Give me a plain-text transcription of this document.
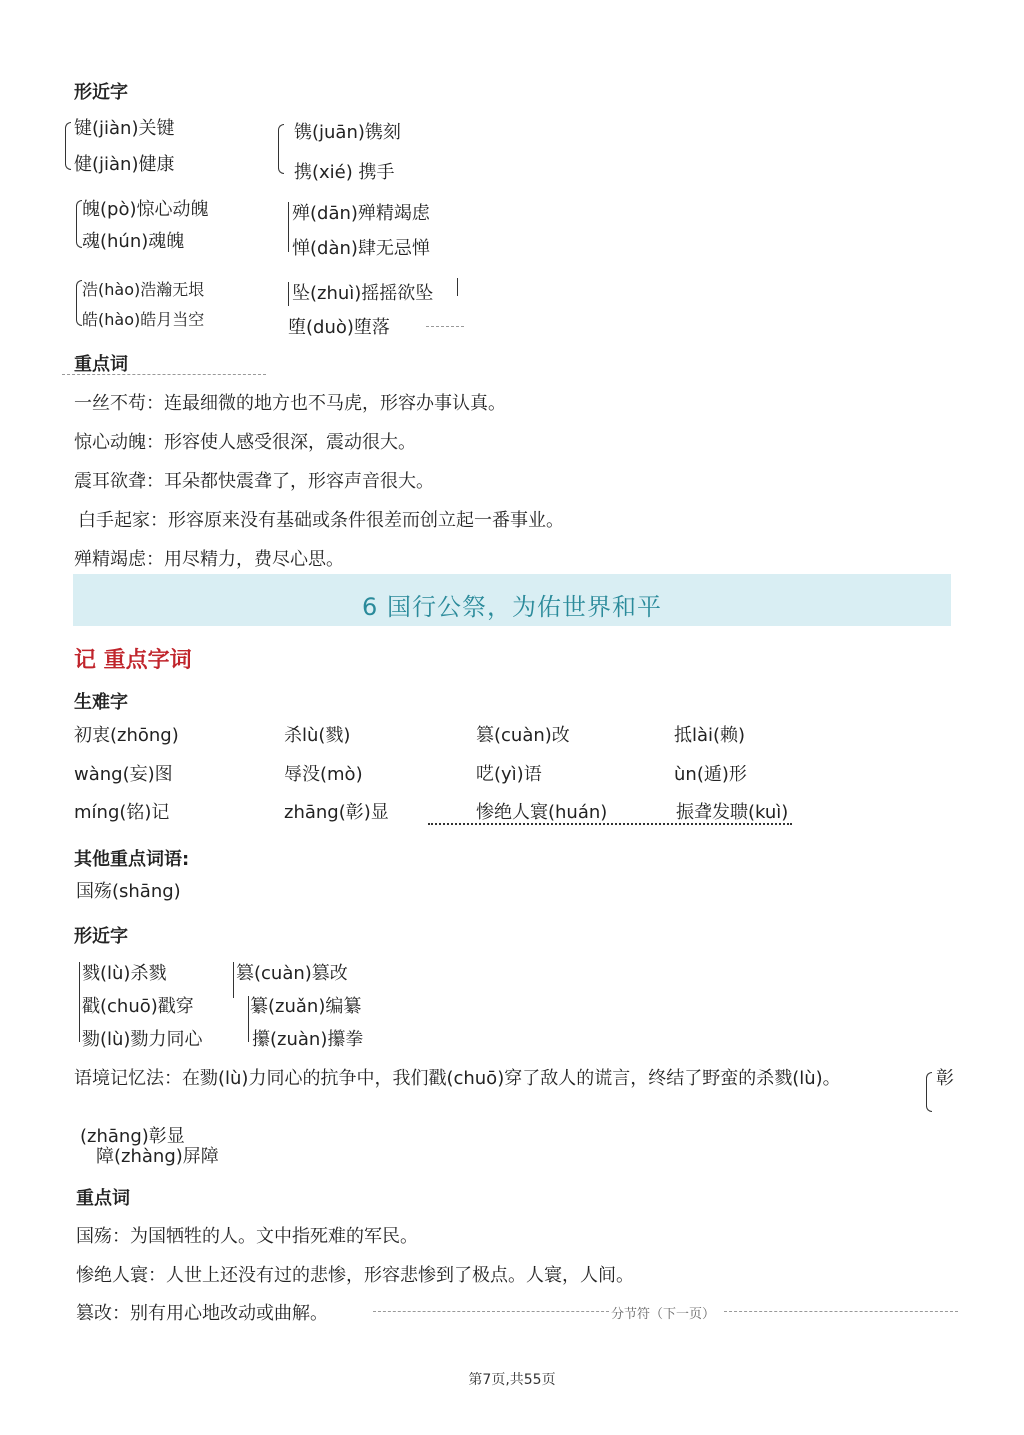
形近字
键(jiàn)关键
健(jiàn)健康
镌(juān)镌刻
携(xié) 携手
魄(pò)惊心动魄
魂(hún)魂魄
殚(dān)殚精竭虑
惮(dàn)肆无忌惮
浩(hào)浩瀚无垠
皓(hào)皓月当空
坠(zhuì)摇摇欲坠
堕(duò)堕落
重点词
一丝不苟：连最细微的地方也不马虎，形容办事认真。
惊心动魄：形容使人感受很深，震动很大。
震耳欲聋：耳朵都快震聋了，形容声音很大。
白手起家：形容原来没有基础或条件很差而创立起一番事业。
殚精竭虑：用尽精力，费尽心思。
6 国行公祭，为佑世界和平
记 重点字词
生难字
初衷(zhōng)	杀lù(戮)	篡(cuàn)改	抵lài(赖)
wàng(妄)图	辱没(mò)	呓(yì)语	ùn(遁)形
míng(铭)记	zhāng(彰)显	惨绝人寰(huán)	振聋发聩(kuì)
其他重点词语:
国殇(shāng)
形近字
戮(lù)杀戮
戳(chuō)戳穿
勠(lù)勠力同心
篡(cuàn)篡改
纂(zuǎn)编纂
攥(zuàn)攥拳
语境记忆法：在勠(lù)力同心的抗争中，我们戳(chuō)穿了敌人的谎言，终结了野蛮的杀戮(lù)。	彰
(zhāng)彰显
障(zhàng)屏障
重点词
国殇：为国牺牲的人。文中指死难的军民。
惨绝人寰：人世上还没有过的悲惨，形容悲惨到了极点。人寰，人间。
篡改：别有用心地改动或曲解。	分节符（下一页）
第7页,共55页
